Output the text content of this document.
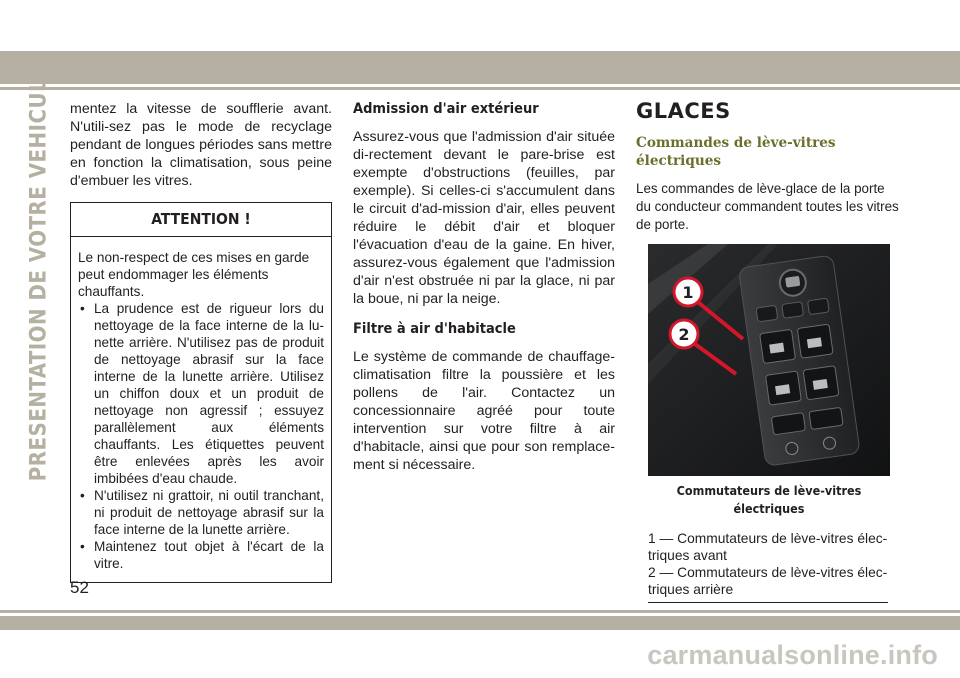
PRESENTATION DE VOTRE VEHICULE mentez la vitesse de soufflerie avant. N'utili-sez pas le mode de recyclage pendant de longues périodes sans mettre en fonction la climatisation, sous peine d'embuer les vitres.

ATTENTION !

Le non-respect de ces mises en garde peut endommager les éléments chauffants.

• La prudence est de rigueur lors du nettoyage de la face interne de la lu-nette arrière. N'utilisez pas de produit de nettoyage abrasif sur la face interne de la lunette arrière. Utilisez un chiffon doux et un produit de nettoyage non agressif ; essuyez parallèlement aux éléments chauffants. Les étiquettes peuvent être enlevées après les avoir imbibées d'eau chaude.
• N'utilisez ni grattoir, ni outil tranchant, ni produit de nettoyage abrasif sur la face interne de la lunette arrière.
• Maintenez tout objet à l'écart de la vitre.
Admission d'air extérieur

Assurez-vous que l'admission d'air située di-rectement devant le pare-brise est exempte d'obstructions (feuilles, par exemple). Si celles-ci s'accumulent dans le circuit d'ad-mission d'air, elles peuvent réduire le débit d'air et bloquer l'évacuation d'eau de la gaine. En hiver, assurez-vous également que l'admission d'air n'est obstruée ni par la glace, ni par la boue, ni par la neige.

Filtre à air d'habitacle

Le système de commande de chauffage-climatisation filtre la poussière et les pollens de l'air. Contactez un concessionnaire agréé pour toute intervention sur votre filtre à air d'habitacle, ainsi que pour son remplace-ment si nécessaire.

GLACES
Commandes de lève-vitres électriques

Les commandes de lève-glace de la porte du conducteur commandent toutes les vitres de porte.

1
2
Commutateurs de lève-vitres électriques
1 — Commutateurs de lève-vitres élec-triques avant
2 — Commutateurs de lève-vitres élec-triques arrière
52
carmanualsonline.info
